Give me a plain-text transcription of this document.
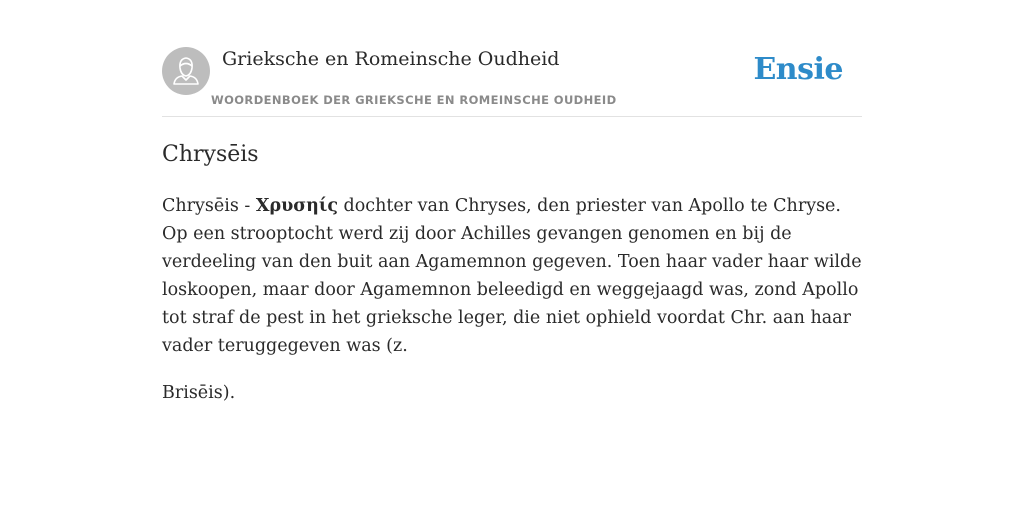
Grieksche en Romeinsche Oudheid
WOORDENBOEK DER GRIEKSCHE EN ROMEINSCHE OUDHEID
Ensie
Chrysēis

Chrysēis - Χρυσηίς dochter van Chryses, den priester van Apollo te Chryse. Op een strooptocht werd zij door Achilles gevangen genomen en bij de verdeeling van den buit aan Agamemnon gegeven. Toen haar vader haar wilde loskoopen, maar door Agamemnon beleedigd en weggejaagd was, zond Apollo tot straf de pest in het grieksche leger, die niet ophield voordat Chr. aan haar vader teruggegeven was (z.

Brisēis).
